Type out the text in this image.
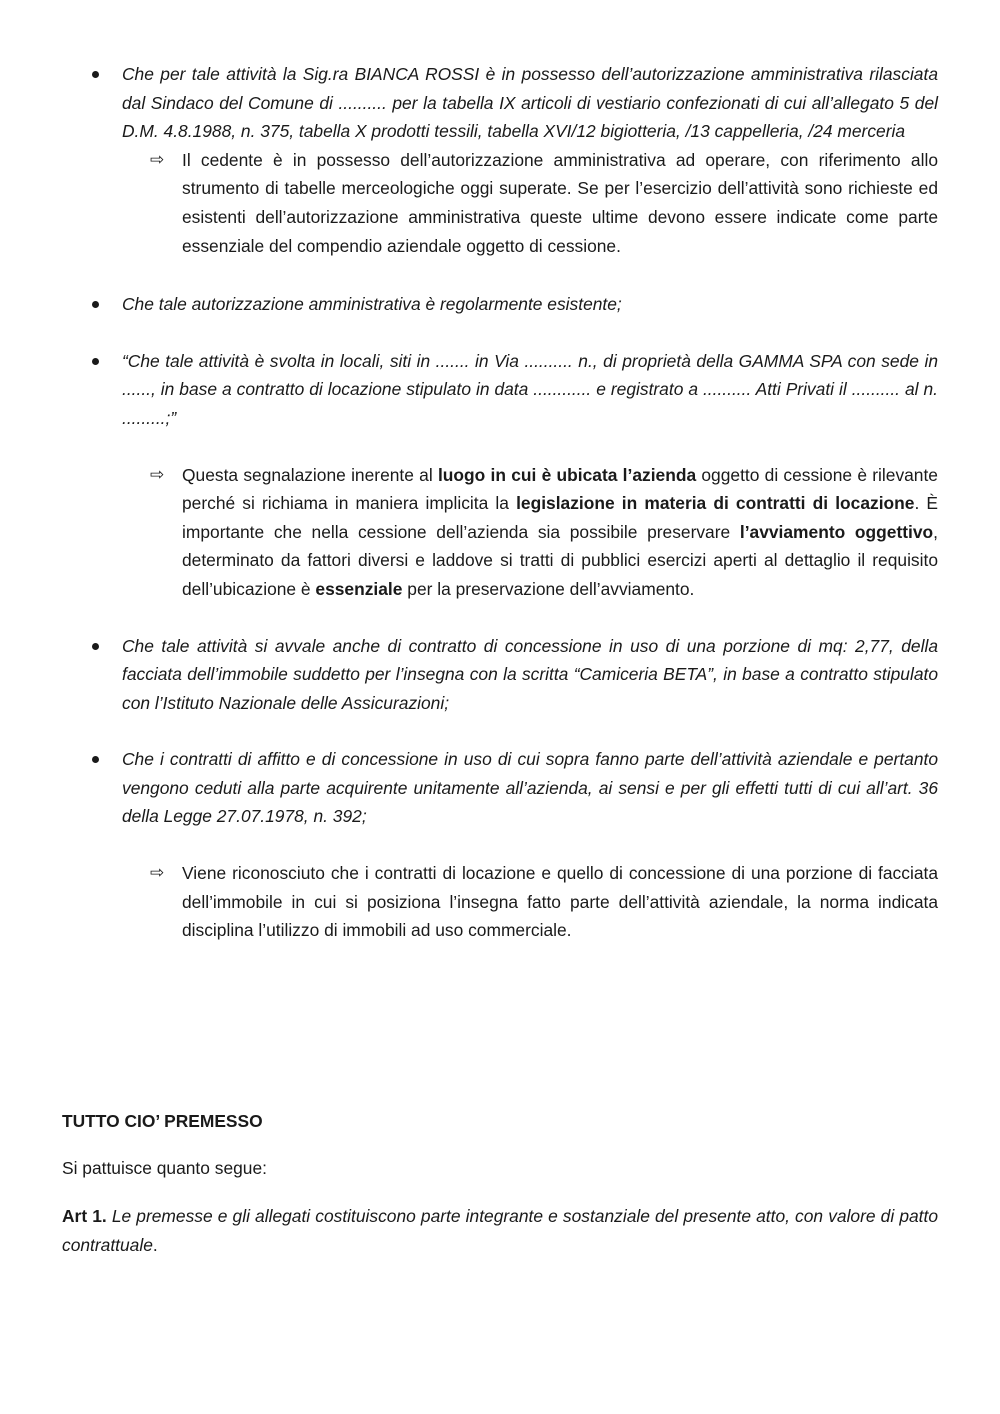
Che per tale attività la Sig.ra BIANCA ROSSI è in possesso dell’autorizzazione amministrativa rilasciata dal Sindaco del Comune di .......... per la tabella IX articoli di vestiario confezionati di cui all’allegato 5 del D.M. 4.8.1988, n. 375, tabella X prodotti tessili, tabella XVI/12 bigiotteria, /13 cappelleria, /24 merceria

⇨ Il cedente è in possesso dell’autorizzazione amministrativa ad operare, con riferimento allo strumento di tabelle merceologiche oggi superate. Se per l’esercizio dell’attività sono richieste ed esistenti dell’autorizzazione amministrativa queste ultime devono essere indicate come parte essenziale del compendio aziendale oggetto di cessione.

Che tale autorizzazione amministrativa è regolarmente esistente;

“Che tale attività è svolta in locali, siti in ....... in Via .......... n., di proprietà della GAMMA SPA con sede in ......, in base a contratto di locazione stipulato in data ............ e registrato a .......... Atti Privati il .......... al n. .........;”

⇨ Questa segnalazione inerente al luogo in cui è ubicata l’azienda oggetto di cessione è rilevante perché si richiama in maniera implicita la legislazione in materia di contratti di locazione. È importante che nella cessione dell’azienda sia possibile preservare l’avviamento oggettivo, determinato da fattori diversi e laddove si tratti di pubblici esercizi aperti al dettaglio il requisito dell’ubicazione è essenziale per la preservazione dell’avviamento.

Che tale attività si avvale anche di contratto di concessione in uso di una porzione di mq: 2,77, della facciata dell’immobile suddetto per l’insegna con la scritta “Camiceria BETA”, in base a contratto stipulato con l’Istituto Nazionale delle Assicurazioni;

Che i contratti di affitto e di concessione in uso di cui sopra fanno parte dell’attività aziendale e pertanto vengono ceduti alla parte acquirente unitamente all’azienda, ai sensi e per gli effetti tutti di cui all’art. 36 della Legge 27.07.1978, n. 392;

⇨ Viene riconosciuto che i contratti di locazione e quello di concessione di una porzione di facciata dell’immobile in cui si posiziona l’insegna fatto parte dell’attività aziendale, la norma indicata disciplina l’utilizzo di immobili ad uso commerciale.

TUTTO CIO’ PREMESSO

Si pattuisce quanto segue:

Art 1. Le premesse e gli allegati costituiscono parte integrante e sostanziale del presente atto, con valore di patto contrattuale.
